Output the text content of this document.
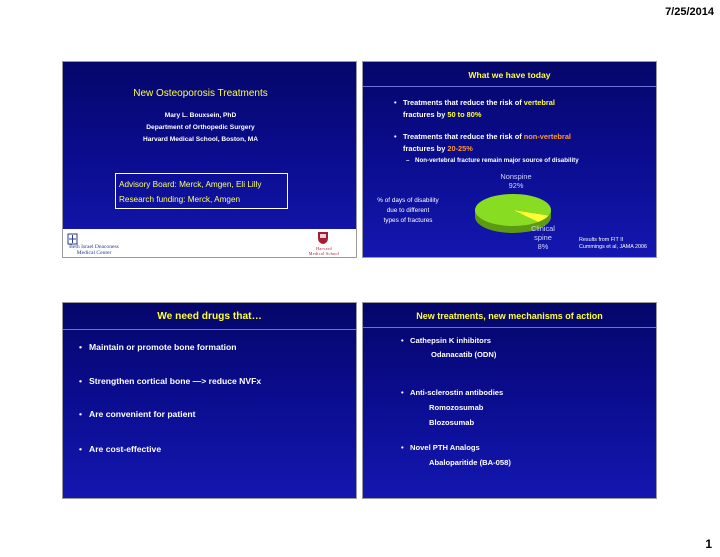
7/25/2014
New Osteoporosis Treatments
Mary L. Bouxsein, PhD
Department of Orthopedic Surgery
Harvard Medical School, Boston, MA
Advisory Board: Merck, Amgen, Eli Lilly
Research funding: Merck, Amgen
Beth Israel Deaconess
Medical Center
Harvard
Medical School
What we have today
• Treatments that reduce the risk of vertebral
fractures by 50 to 80%
• Treatments that reduce the risk of non-vertebral
fractures by 20-25%
– Non-vertebral fracture remain major source of disability
% of days of disability
due to different
types of fractures
Nonspine
92%
Clinical
spine
8%
Results from FIT II
Cummings et al, JAMA 2006
We need drugs that…
• Maintain or promote bone formation
• Strengthen cortical bone —> reduce NVFx
• Are convenient for patient
• Are cost-effective
New treatments, new mechanisms of action
• Cathepsin K inhibitors
Odanacatib (ODN)
• Anti-sclerostin antibodies
Romozosumab
Blozosumab
• Novel PTH Analogs
Abaloparitide (BA-058)
1
